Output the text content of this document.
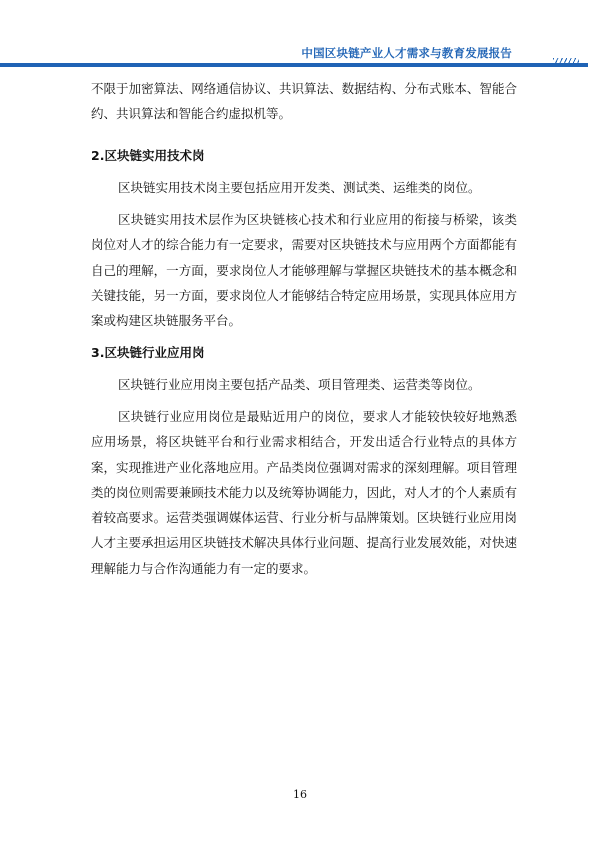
中国区块链产业人才需求与教育发展报告

不限于加密算法、网络通信协议、共识算法、数据结构、分布式账本、智能合约、共识算法和智能合约虚拟机等。

2.区块链实用技术岗

区块链实用技术岗主要包括应用开发类、测试类、运维类的岗位。

区块链实用技术层作为区块链核心技术和行业应用的衔接与桥梁，该类岗位对人才的综合能力有一定要求，需要对区块链技术与应用两个方面都能有自己的理解，一方面，要求岗位人才能够理解与掌握区块链技术的基本概念和关键技能，另一方面，要求岗位人才能够结合特定应用场景，实现具体应用方案或构建区块链服务平台。

3.区块链行业应用岗

区块链行业应用岗主要包括产品类、项目管理类、运营类等岗位。

区块链行业应用岗位是最贴近用户的岗位，要求人才能较快较好地熟悉应用场景，将区块链平台和行业需求相结合，开发出适合行业特点的具体方案，实现推进产业化落地应用。产品类岗位强调对需求的深刻理解。项目管理类的岗位则需要兼顾技术能力以及统筹协调能力，因此，对人才的个人素质有着较高要求。运营类强调媒体运营、行业分析与品牌策划。区块链行业应用岗人才主要承担运用区块链技术解决具体行业问题、提高行业发展效能，对快速理解能力与合作沟通能力有一定的要求。

16
